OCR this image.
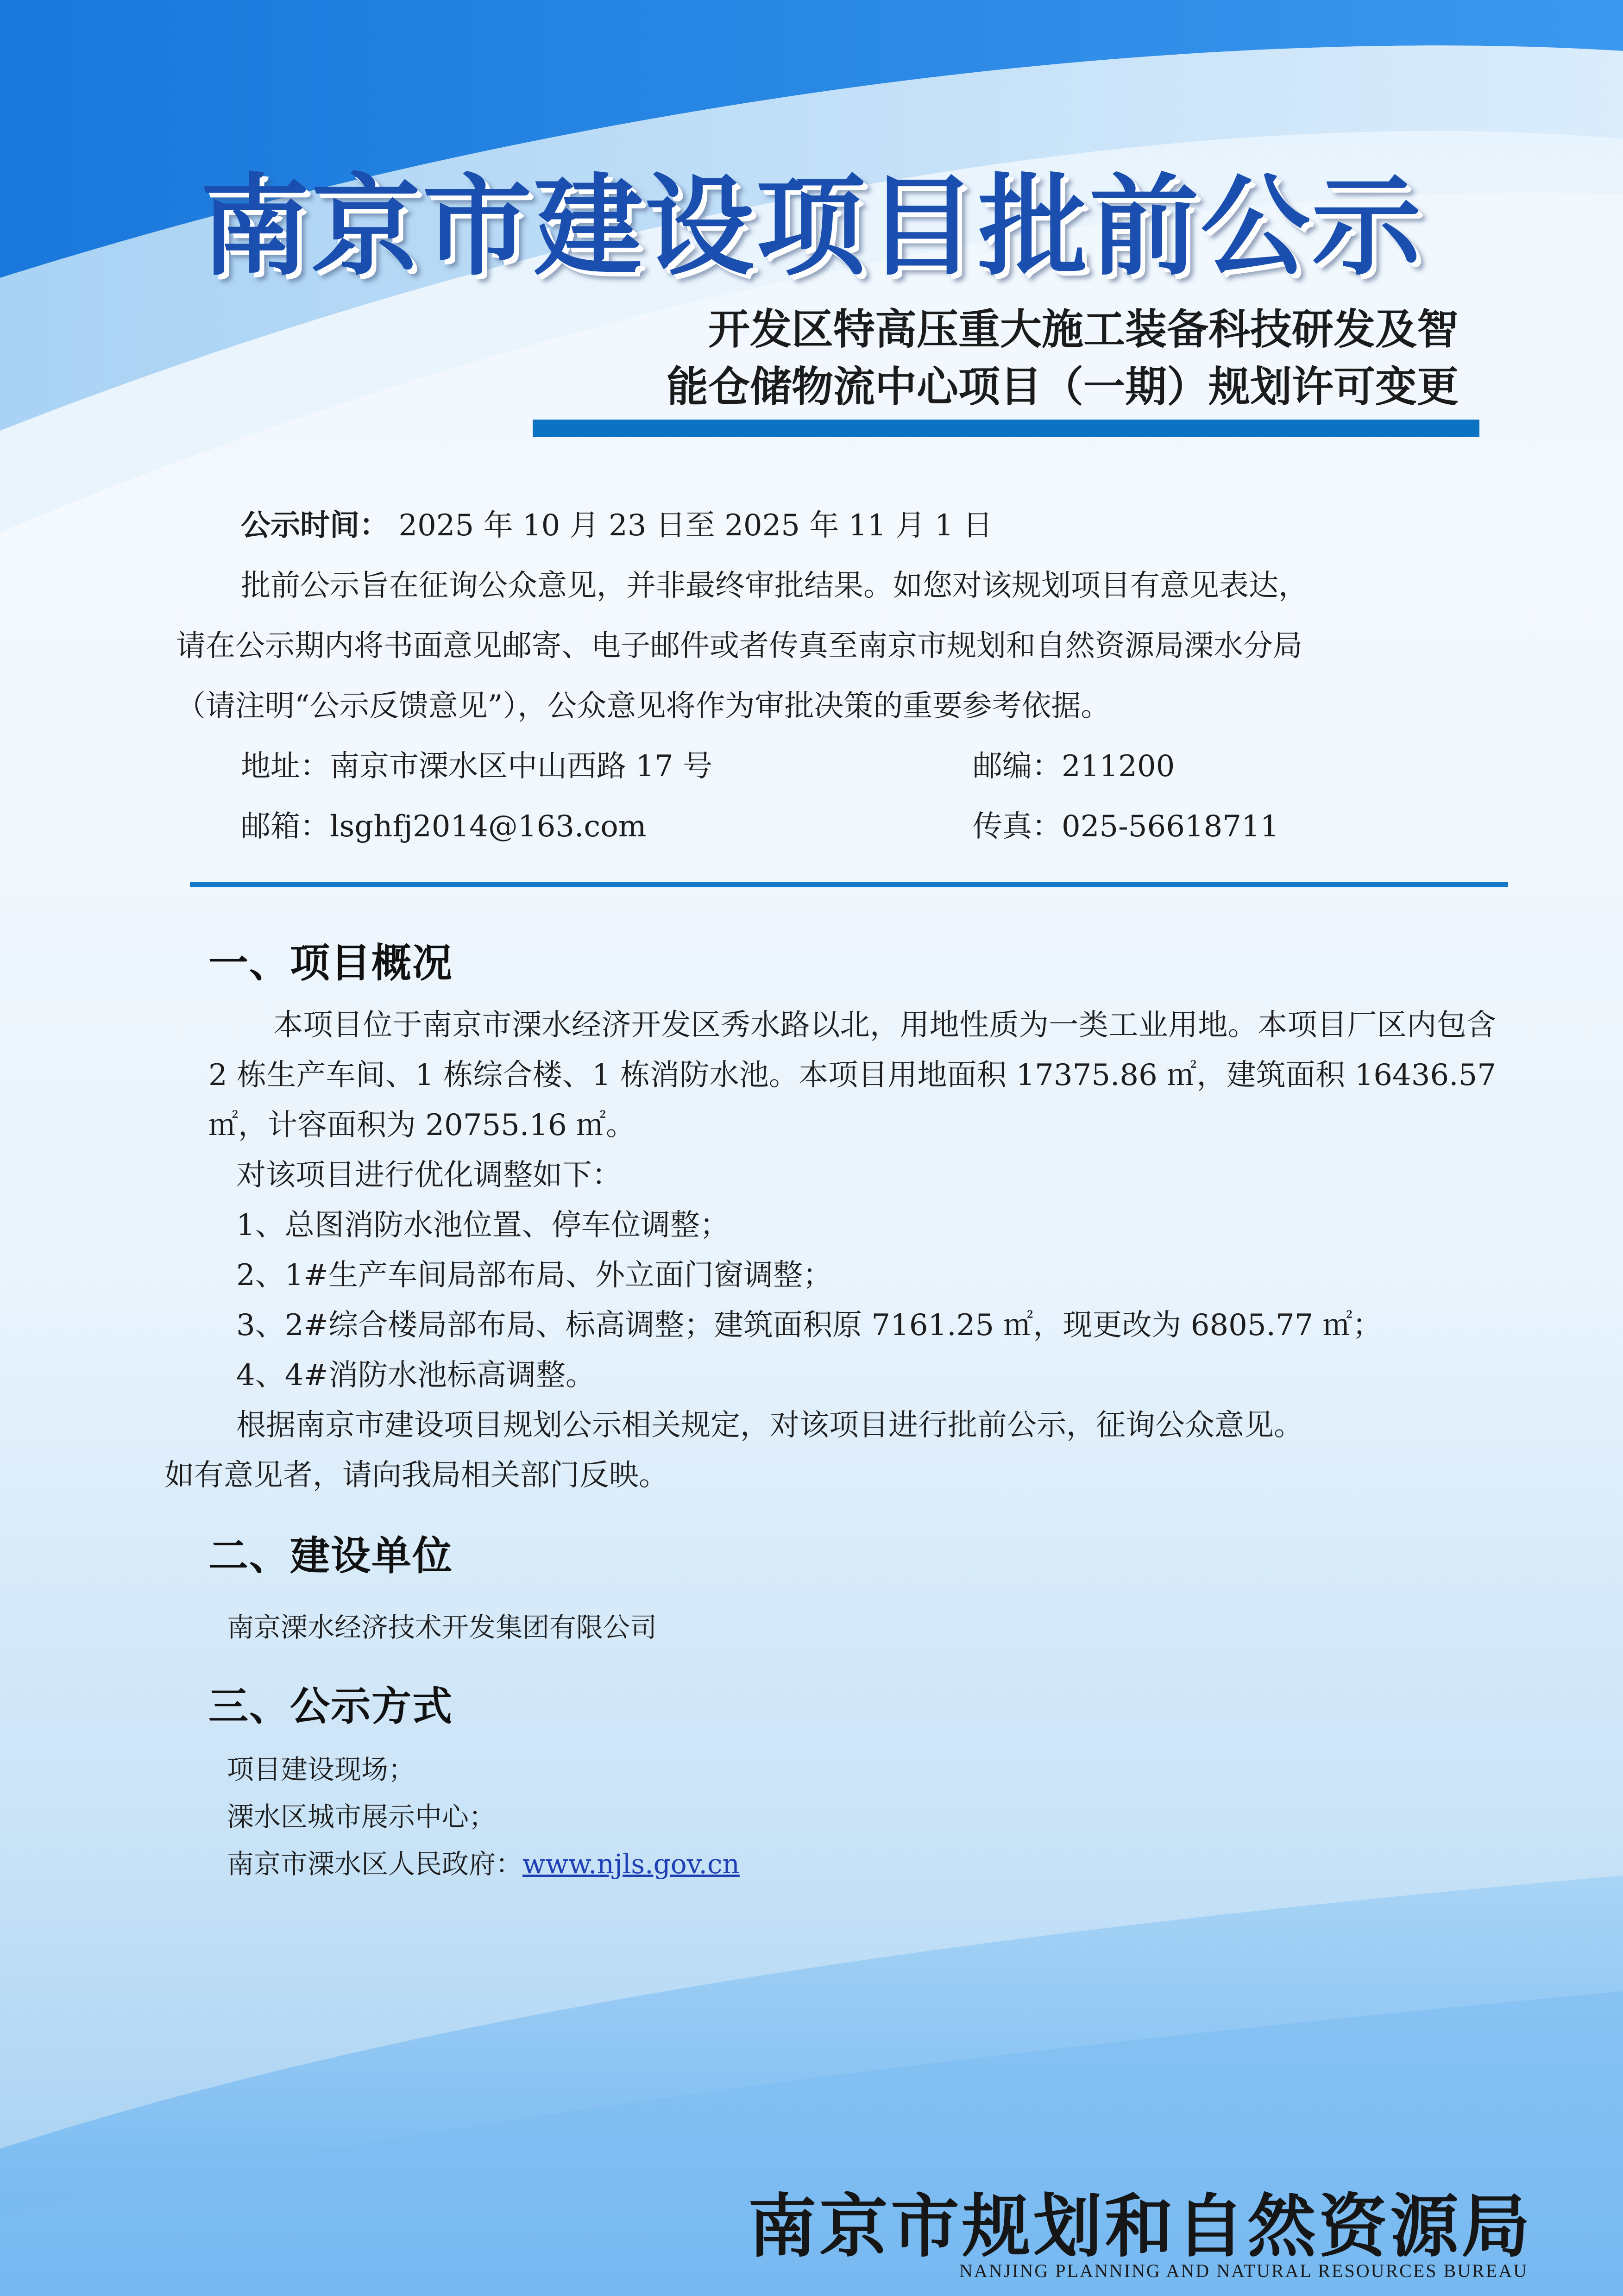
南京市建设项目批前公示
开发区特高压重大施工装备科技研发及智
能仓储物流中心项目（一期）规划许可变更
公示时间： 2025 年 10 月 23 日至 2025 年 11 月 1 日
批前公示旨在征询公众意见，并非最终审批结果。如您对该规划项目有意见表达，
请在公示期内将书面意见邮寄、电子邮件或者传真至南京市规划和自然资源局溧水分局
（请注明“公示反馈意见”），公众意见将作为审批决策的重要参考依据。
地址：南京市溧水区中山西路 17 号	邮编：211200
邮箱：lsghfj2014@163.com	传真：025-56618711
一、项目概况
本项目位于南京市溧水经济开发区秀水路以北，用地性质为一类工业用地。本项目厂区内包含 2 栋生产车间、1 栋综合楼、1 栋消防水池。本项目用地面积 17375.86 ㎡，建筑面积 16436.57 ㎡，计容面积为 20755.16 ㎡。
对该项目进行优化调整如下：
1、总图消防水池位置、停车位调整；
2、1#生产车间局部布局、外立面门窗调整；
3、2#综合楼局部布局、标高调整；建筑面积原 7161.25 ㎡，现更改为 6805.77 ㎡；
4、4#消防水池标高调整。
根据南京市建设项目规划公示相关规定，对该项目进行批前公示，征询公众意见。
如有意见者，请向我局相关部门反映。
二、建设单位
南京溧水经济技术开发集团有限公司
三、公示方式
项目建设现场；
溧水区城市展示中心；
南京市溧水区人民政府：www.njls.gov.cn
南京市规划和自然资源局
NANJING PLANNING AND NATURAL RESOURCES BUREAU
